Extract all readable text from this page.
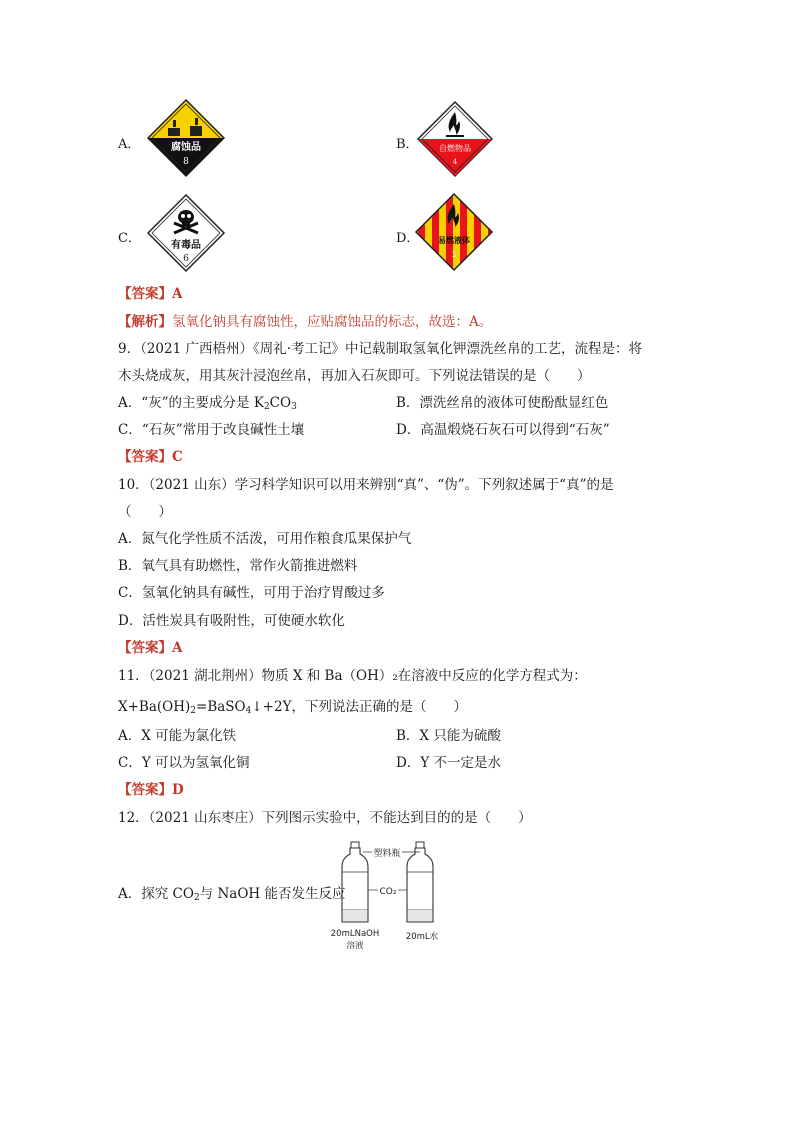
A．	腐蚀品
8
B．	自燃物品
4
C．	有毒品
6
D． 易燃液体
3
【答案】A
【解析】氢氧化钠具有腐蚀性，应贴腐蚀品的标志，故选：A。
9．（2021 广西梧州）《周礼·考工记》中记载制取氢氧化钾漂洗丝帛的工艺，流程是：将
木头烧成灰，用其灰汁浸泡丝帛，再加入石灰即可。下列说法错误的是（　　）
A．“灰”的主要成分是 $K_2CO_3$	B．漂洗丝帛的液体可使酚酞显红色
C．“石灰”常用于改良碱性土壤	D．高温煅烧石灰石可以得到“石灰”
【答案】C
10．（2021 山东）学习科学知识可以用来辨别“真”、“伪”。下列叙述属于“真”的是
（　　）
A．氮气化学性质不活泼，可用作粮食瓜果保护气
B．氧气具有助燃性，常作火箭推进燃料
C．氢氧化钠具有碱性，可用于治疗胃酸过多
D．活性炭具有吸附性，可使硬水软化
【答案】A
11．（2021 湖北荆州）物质 X 和 Ba（OH）₂在溶液中反应的化学方程式为：
$X+Ba(OH)_2=BaSO_4↓+2Y$，下列说法正确的是（　　）
A．X 可能为氯化铁	B．X 只能为硫酸
C．Y 可以为氢氧化铜	D．Y 不一定是水
【答案】D
12．（2021 山东枣庄）下列图示实验中，不能达到目的的是（　　）
A．探究 $CO_2$与 NaOH 能否发生反应
塑料瓶
CO₂
20mLNaOH
溶液
20mL水
